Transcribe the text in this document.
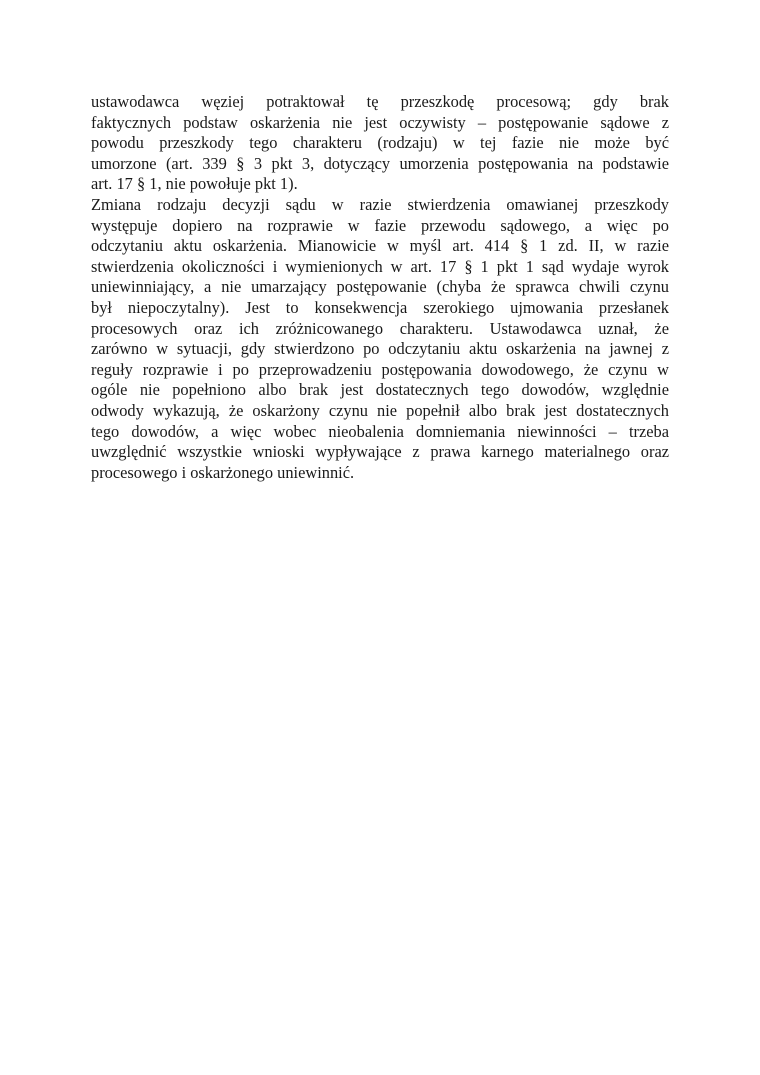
ustawodawca węziej potraktował tę przeszkodę procesową; gdy brak
faktycznych podstaw oskarżenia nie jest oczywisty – postępowanie sądowe z
powodu przeszkody tego charakteru (rodzaju) w tej fazie nie może być
umorzone (art. 339 § 3 pkt 3, dotyczący umorzenia postępowania na podstawie
art. 17 § 1, nie powołuje pkt 1).
Zmiana rodzaju decyzji sądu w razie stwierdzenia omawianej przeszkody
występuje dopiero na rozprawie w fazie przewodu sądowego, a więc po
odczytaniu aktu oskarżenia. Mianowicie w myśl art. 414 § 1 zd. II, w razie
stwierdzenia okoliczności i wymienionych w art. 17 § 1 pkt 1 sąd wydaje wyrok
uniewinniający, a nie umarzający postępowanie (chyba że sprawca chwili czynu
był niepoczytalny). Jest to konsekwencja szerokiego ujmowania przesłanek
procesowych oraz ich zróżnicowanego charakteru. Ustawodawca uznał, że
zarówno w sytuacji, gdy stwierdzono po odczytaniu aktu oskarżenia na jawnej z
reguły rozprawie i po przeprowadzeniu postępowania dowodowego, że czynu w
ogóle nie popełniono albo brak jest dostatecznych tego dowodów, względnie
odwody wykazują, że oskarżony czynu nie popełnił albo brak jest dostatecznych
tego dowodów, a więc wobec nieobalenia domniemania niewinności – trzeba
uwzględnić wszystkie wnioski wypływające z prawa karnego materialnego oraz
procesowego i oskarżonego uniewinnić.
